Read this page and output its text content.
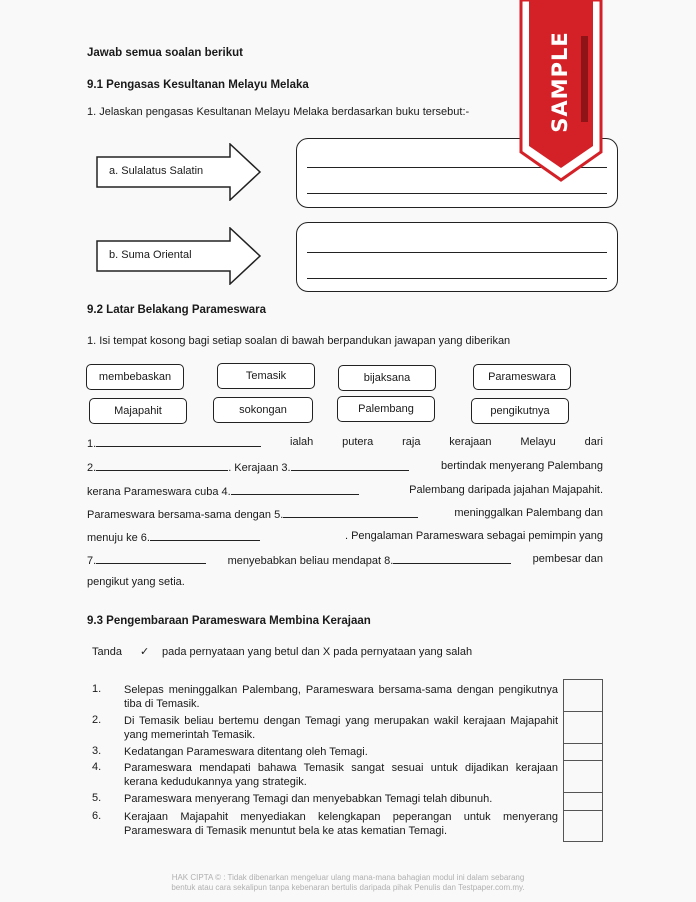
Jawab semua soalan berikut
9.1 Pengasas Kesultanan Melayu Melaka
1. Jelaskan pengasas Kesultanan Melayu Melaka berdasarkan buku tersebut:-
a. Sulalatus Salatin
b. Suma Oriental
9.2 Latar Belakang Parameswara
1. Isi tempat kosong bagi setiap soalan di bawah berpandukan jawapan yang diberikan
membebaskan	Temasik	bijaksana	Parameswara
Majapahit	sokongan	Palembang	pengikutnya
1.	ialah	putera	raja	kerajaan	Melayu	dari
2.	. Kerajaan 3.	bertindak menyerang Palembang
kerana Parameswara cuba 4.	Palembang daripada jajahan Majapahit.
Parameswara bersama-sama dengan 5.	meninggalkan Palembang dan
menuju ke 6.	. Pengalaman Parameswara sebagai pemimpin yang
7.	menyebabkan beliau mendapat 8.	pembesar dan
pengikut yang setia.
9.3 Pengembaraan Parameswara Membina Kerajaan
Tanda ✓ pada pernyataan yang betul dan X pada pernyataan yang salah
1. Selepas meninggalkan Palembang, Parameswara bersama-sama dengan pengikutnya tiba di Temasik.
2. Di Temasik beliau bertemu dengan Temagi yang merupakan wakil kerajaan Majapahit yang memerintah Temasik.
3. Kedatangan Parameswara ditentang oleh Temagi.
4. Parameswara mendapati bahawa Temasik sangat sesuai untuk dijadikan kerajaan kerana kedudukannya yang strategik.
5. Parameswara menyerang Temagi dan menyebabkan Temagi telah dibunuh.
6. Kerajaan Majapahit menyediakan kelengkapan peperangan untuk menyerang Parameswara di Temasik menuntut bela ke atas kematian Temagi.
HAK CIPTA © : Tidak dibenarkan mengeluar ulang mana-mana bahagian modul ini dalam sebarang
bentuk atau cara sekalipun tanpa kebenaran bertulis daripada pihak Penulis dan Testpaper.com.my.
SAMPLE
